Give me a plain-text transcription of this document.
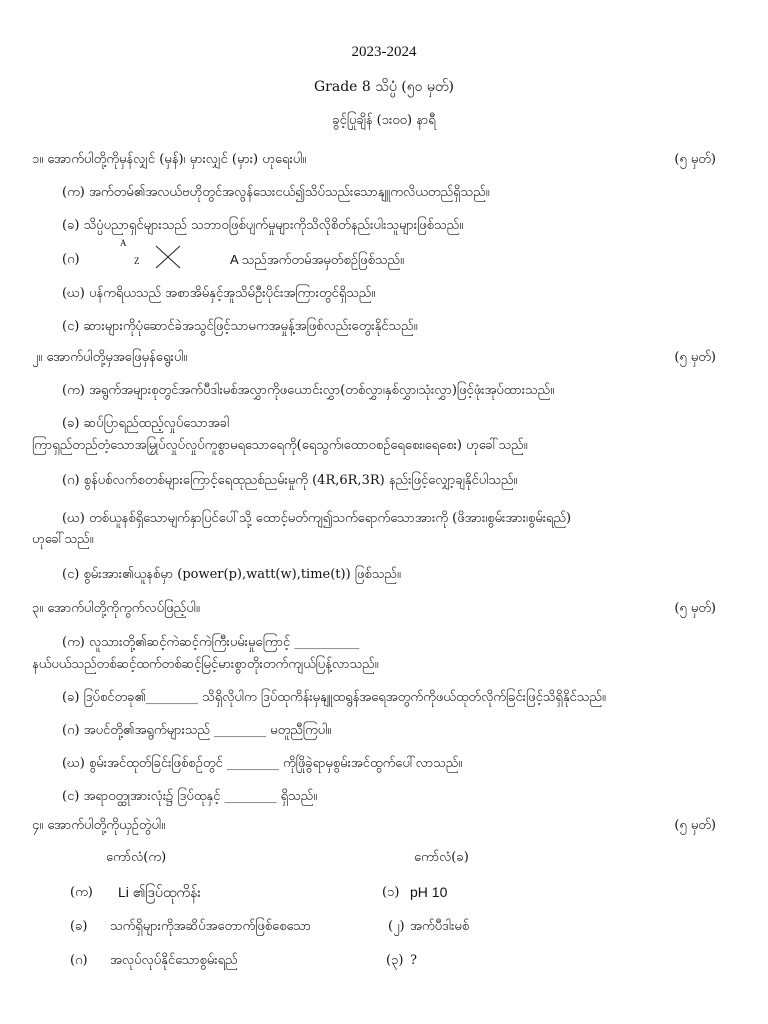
2023-2024
Grade 8 သိပ္ပံ (၅၀ မှတ်)
ခွင့်ပြုချိန် (၁း၀၀) နာရီ
၁။ အောက်ပါတို့ကိုမှန်လျှင် (မှန်)၊ မှားလျှင် (မှား) ဟုရေးပါ။	(၅ မှတ်)
(က) အက်တမ်၏အလယ်ဗဟိုတွင်အလွန်သေးငယ်၍သိပ်သည်းသောနျူကလိယတည်ရှိသည်။
(ခ) သိပ္ပံပညာရှင်များသည် သဘာဝဖြစ်ပျက်မှုများကိုသိလိုစိတ်နည်းပါးသူများဖြစ်သည်။
(ဂ)
A
Z	A သည်အက်တမ်အမှတ်စဉ်ဖြစ်သည်။
(ဃ) ပန်ကရိယသည် အစာအိမ်နှင့်အူသိမ်ဦးပိုင်းအကြားတွင်ရှိသည်။
(င) ဆားများကိုပုံဆောင်ခဲအသွင်ဖြင့်သာမကအမှုန့်အဖြစ်လည်းတွေးနိုင်သည်။
၂။ အောက်ပါတို့မှအဖြေမှန်ရွေးပါ။	(၅ မှတ်)
(က) အရွက်အများစုတွင်အက်ပီဒါးမစ်အလွှာကိုဖယောင်းလွှာ(တစ်လွှာ၊နှစ်လွှာ၊သုံးလွှာ)ဖြင့်ဖုံးအုပ်ထားသည်။
(ခ) ဆပ်ပြာရည်ထည့်လှုပ်သောအခါ
ကြာရှည်တည်တံ့သောအမြှုပ်လှုပ်လှုပ်ကူစွာမရသောရေကို(ရေသွက်၊ထောဝစဉ်ရေစေး၊ရေစေး) ဟုခေါ်သည်။
(ဂ) စွန်ပစ်လက်စတစ်များကြောင့်ရေထုညစ်ညမ်းမှုကို (4R,6R,3R) နည်းဖြင့်လျှော့ချနိုင်ပါသည်။
(ဃ) တစ်ယူနစ်ရှိသောမျက်နှာပြင်ပေါ်သို့ ထောင့်မတ်ကျ၍သက်ရောက်သောအားကို (ဖိအား၊စွမ်းအား၊စွမ်းရည်)
ဟုခေါ်သည်။
(င) စွမ်းအား၏ယူနစ်မှာ (power(p),watt(w),time(t)) ဖြစ်သည်။
၃။ အောက်ပါတို့ကိုကွက်လပ်ဖြည့်ပါ။	(၅ မှတ်)
(က) လူသားတို့၏ဆင့်ကဲဆင့်ကဲကြီးပမ်းမှုကြောင့် __________
နယ်ပယ်သည်တစ်ဆင့်ထက်တစ်ဆင့်မြင့်မားစွာတိုးတက်ကျယ်ပြန့်လာသည်။
(ခ) ဒြပ်စင်တခု၏________ သိရှိလိုပါက ဒြပ်ထုကိန်းမှနျူထရွန်အရေအတွက်ကိုဖယ်ထုတ်လိုက်ခြင်းဖြင့်သိရှိနိုင်သည်။
(ဂ) အပင်တို့၏အရွက်များသည် ________ မတူညီကြပါ။
(ဃ) စွမ်းအင်ထုတ်ခြင်းဖြစ်စဉ်တွင် ________ ကိုဖြိုခွဲရာမှစွမ်းအင်ထွက်ပေါ်လာသည်။
(င) အရာဝတ္ထုအားလုံး၌ ဒြပ်ထုနှင့် ________ ရှိသည်။
၄။ အောက်ပါတို့ကိုယှဉ်တွဲပါ။	(၅ မှတ်)
ကော်လံ(က)	ကော်လံ(ခ)
(က) Li ၏ဒြပ်ထုကိန်း	(၁) pH 10
(ခ) သက်ရှိများကိုအဆိပ်အတောက်ဖြစ်စေသော	(၂) အက်ပီဒါးမစ်
(ဂ) အလုပ်လုပ်နိုင်သောစွမ်းရည်	(၃) ?
